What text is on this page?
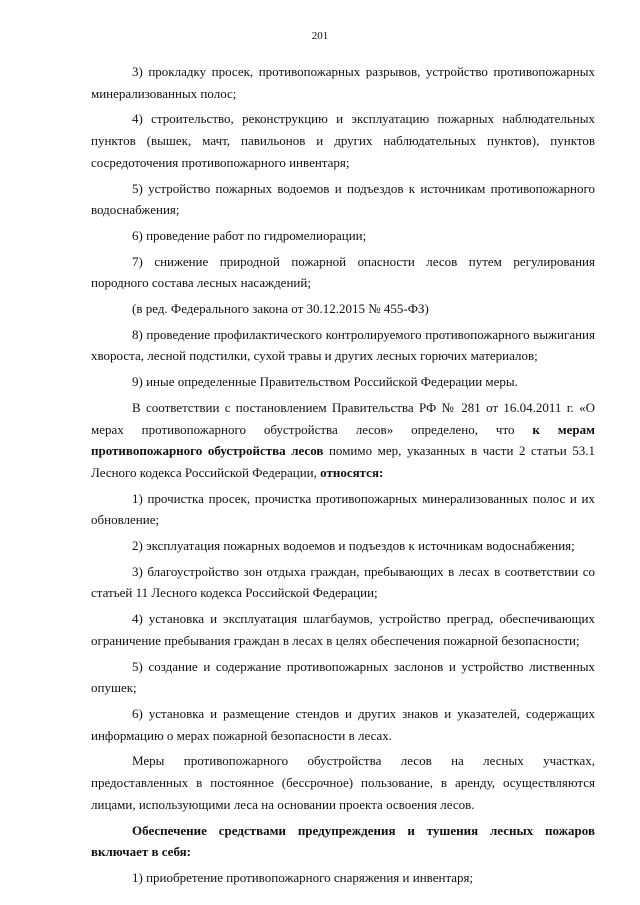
201

3) прокладку просек, противопожарных разрывов, устройство противопожарных минерализованных полос;

4) строительство, реконструкцию и эксплуатацию пожарных наблюдательных пунктов (вышек, мачт, павильонов и других наблюдательных пунктов), пунктов сосредоточения противопожарного инвентаря;

5) устройство пожарных водоемов и подъездов к источникам противопожарного водоснабжения;

6) проведение работ по гидромелиорации;

7) снижение природной пожарной опасности лесов путем регулирования породного состава лесных насаждений;

(в ред. Федерального закона от 30.12.2015 № 455-ФЗ)

8) проведение профилактического контролируемого противопожарного выжигания хвороста, лесной подстилки, сухой травы и других лесных горючих материалов;

9) иные определенные Правительством Российской Федерации меры.

В соответствии с постановлением Правительства РФ № 281 от 16.04.2011 г. «О мерах противопожарного обустройства лесов» определено, что к мерам противопожарного обустройства лесов помимо мер, указанных в части 2 статьи 53.1 Лесного кодекса Российской Федерации, относятся:

1) прочистка просек, прочистка противопожарных минерализованных полос и их обновление;

2) эксплуатация пожарных водоемов и подъездов к источникам водоснабжения;

3) благоустройство зон отдыха граждан, пребывающих в лесах в соответствии со статьей 11 Лесного кодекса Российской Федерации;

4) установка и эксплуатация шлагбаумов, устройство преград, обеспечивающих ограничение пребывания граждан в лесах в целях обеспечения пожарной безопасности;

5) создание и содержание противопожарных заслонов и устройство лиственных опушек;

6) установка и размещение стендов и других знаков и указателей, содержащих информацию о мерах пожарной безопасности в лесах.

Меры противопожарного обустройства лесов на лесных участках, предоставленных в постоянное (бессрочное) пользование, в аренду, осуществляются лицами, использующими леса на основании проекта освоения лесов.

Обеспечение средствами предупреждения и тушения лесных пожаров включает в себя:

1) приобретение противопожарного снаряжения и инвентаря;
